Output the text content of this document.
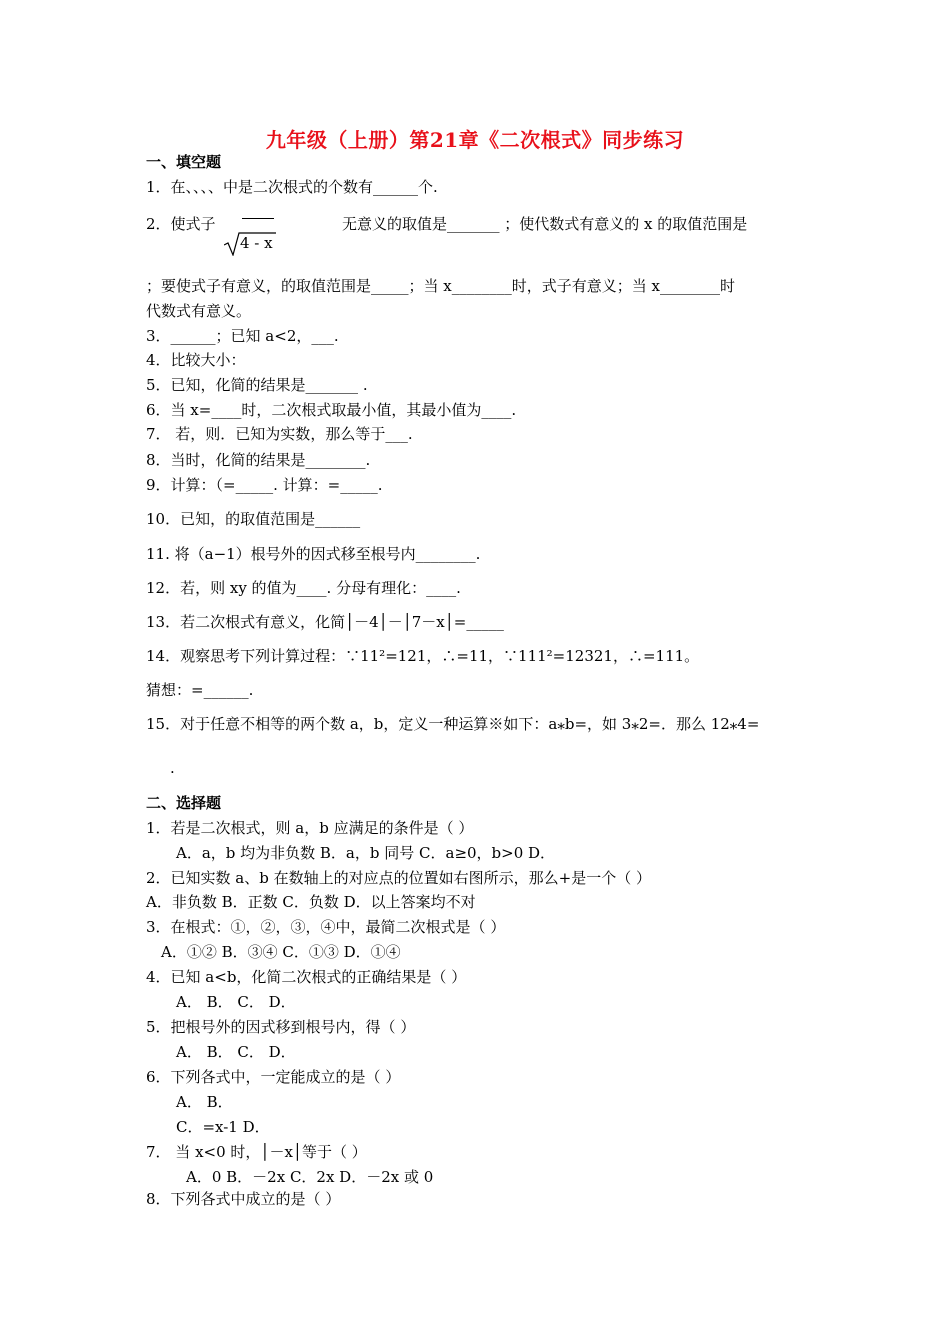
九年级（上册）第21章《二次根式》同步练习
一、填空题
1．在、、、、中是二次根式的个数有______个.
2．使式子
4 - x
无意义的取值是_______ ；使代数式有意义的 x 的取值范围是
；要使式子有意义，的取值范围是_____；当 x________时，式子有意义；当 x________时
代数式有意义。
3．______；已知 a<2，___.
4．比较大小：
5．已知，化简的结果是_______ .
6．当 x=____时，二次根式取最小值，其最小值为____.
7． 若，则．已知为实数，那么等于___.
8．当时，化简的结果是________.
9．计算：（=_____. 计算：=_____.
10．已知，的取值范围是______
11. 将（a−1）根号外的因式移至根号内________.
12．若，则 xy 的值为____. 分母有理化：____.
13．若二次根式有意义，化简│－4│－│7－x│=_____
14．观察思考下列计算过程：∵11²=121，∴=11，∵111²=12321，∴=111。
猜想：=______.
15．对于任意不相等的两个数 a，b，定义一种运算※如下：a⁎b=，如 3⁎2=．那么 12⁎4=
.
二、选择题
1．若是二次根式，则 a，b 应满足的条件是（ ）
A．a，b 均为非负数 B．a，b 同号 C．a≥0，b>0 D．
2．已知实数 a、b 在数轴上的对应点的位置如右图所示，那么+是一个（ ）
A．非负数 B．正数 C．负数 D．以上答案均不对
3．在根式：①，②，③，④中，最简二次根式是（ ）
A．①② B．③④ C．①③ D．①④
4．已知 a<b，化简二次根式的正确结果是（ ）
A． B． C． D．
5．把根号外的因式移到根号内，得（ ）
A． B． C． D．
6．下列各式中，一定能成立的是（ ）
A． B．
C．=x-1 D．
7． 当 x<0 时，│－x│等于（ ）
A．0 B．－2x C．2x D．－2x 或 0
8．下列各式中成立的是（ ）
